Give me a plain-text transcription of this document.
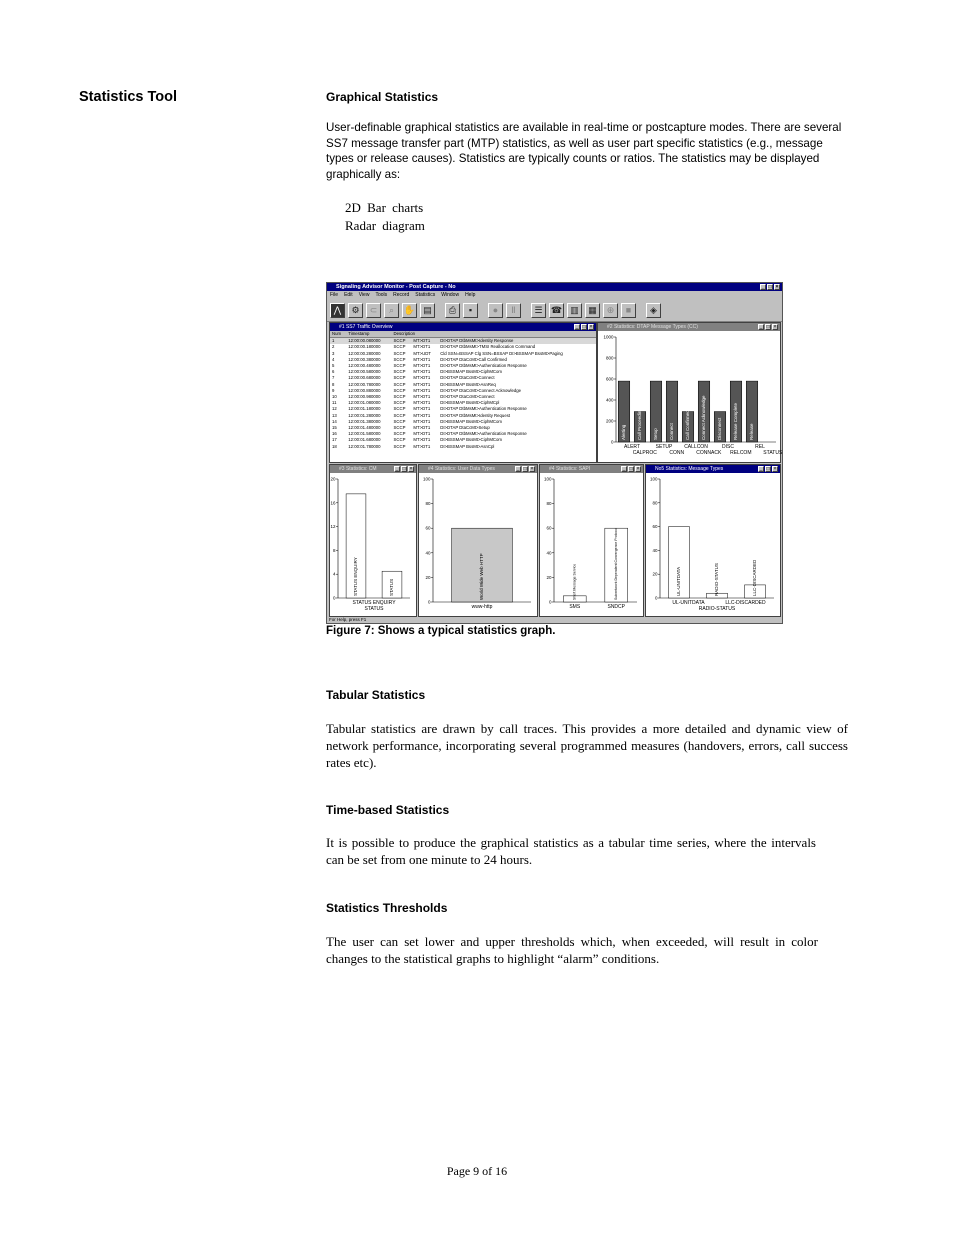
Statistics Tool	Graphical Statistics
User-definable graphical statistics are available in real-time or postcapture modes. There are several SS7 message transfer part (MTP) statistics, as well as user part specific statistics (e.g., message types or release causes). Statistics are typically counts or ratios. The statistics may be displayed graphically as:
2D Bar charts
Radar diagram
Signaling Advisor Monitor - Post Capture - No	_ □ ×
File Edit View Tools Record Statistics Window Help
⋀	⚙	⊂	⌕	✋ ▤	⎙	▪	●	Ⅱ	☰ ☎ ▥	▦	⊕	■	◈
#1 SS7 Traffic Overview	_ □ ×
Num	Timestamp	Description		
1	12:00:00.080000	SCCP	MT>DT1	DI>DTAP DtbMsMt>Identity Response
2	12:00:00.180000	SCCP	MT>DT1	DI>DTAP DtbMsMt>TMSI Reallocation Command
3	12:00:00.280000	SCCP	MT>UDT	Cld SSN=BSSAP Clg SSN=BSSAP DI>BSSMAP BssMt>Paging
4	12:00:00.380000	SCCP	MT>DT1	DI>DTAP DtaCcMt>Call Confirmed
5	12:00:00.480000	SCCP	MT>DT1	DI>DTAP DtbMsMt>Authentication Response
6	12:00:00.580000	SCCP	MT>DT1	DI>BSSMAP BssMt>CiphMCom
7	12:00:00.680000	SCCP	MT>DT1	DI>DTAP DtaCcMt>Connect
8	12:00:00.780000	SCCP	MT>DT1	DI>BSSMAP BssMt>AsnReq
9	12:00:00.880000	SCCP	MT>DT1	DI>DTAP DtaCcMt>Connect Acknowledge
10	12:00:00.980000	SCCP	MT>DT1	DI>DTAP DtaCcMt>Connect
11	12:00:01.080000	SCCP	MT>DT1	DI>BSSMAP BssMt>CiphMCpl
12	12:00:01.180000	SCCP	MT>DT1	DI>DTAP DtbMsMt>Authentication Response
13	12:00:01.280000	SCCP	MT>DT1	DI>DTAP DtbMsMt>Identity Request
14	12:00:01.380000	SCCP	MT>DT1	DI>BSSMAP BssMt>CiphMCom
15	12:00:01.480000	SCCP	MT>DT1	DI>DTAP DtaCcMt>Setup
16	12:00:01.580000	SCCP	MT>DT1	DI>DTAP DtbMsMt>Authentication Response
17	12:00:01.680000	SCCP	MT>DT1	DI>BSSMAP BssMt>CiphMCom
18	12:00:01.780000	SCCP	MT>DT1	DI>BSSMAP BssMt>AsnCpl
#2 Statistics: DTAP Message Types (CC)	_ □ ×
0
200
400
600
800
1000
Alerting Call Proceeding Setup Connect Call Confirmed Connect Acknowledge Disconnect Release Complete Release Status
ALERT	SETUP CALLCON	DISC	REL
CALPROC	CONN CONNACK RELCOM STATUS
#3 Statistics: CM	_ □ ×
0
4
8
12
16
20
STATUS ENQUIRY	STATUS
STATUS ENQUIRY
STATUS
#4 Statistics: User Data Types	_ □ ×
0
20
40
60
80
100
World Wide Web HTTP
www-http
#4 Statistics: SAPI	_ □ ×
0
20
40
60
80
100
Short Message Service	Subnetwork Dependent Convergence Protocol
SMS	SNDCP
No5 Statistics: Message Types	_ □ ×
0
20
40
60
80
100
UL-UNITDATA	RADIO-STATUS	LLC-DISCARDED
UL-UNITDATA	LLC-DISCARDED
RADIO-STATUS
For Help, press F1
Figure 7: Shows a typical statistics graph.
Tabular Statistics
Tabular statistics are drawn by call traces. This provides a more detailed and dynamic view of network performance, incorporating several programmed measures (handovers, errors, call success rates etc).
Time-based Statistics
It is possible to produce the graphical statistics as a tabular time series, where the intervals can be set from one minute to 24 hours.
Statistics Thresholds
The user can set lower and upper thresholds which, when exceeded, will result in color changes to the statistical graphs to highlight “alarm” conditions.
Page 9 of 16
